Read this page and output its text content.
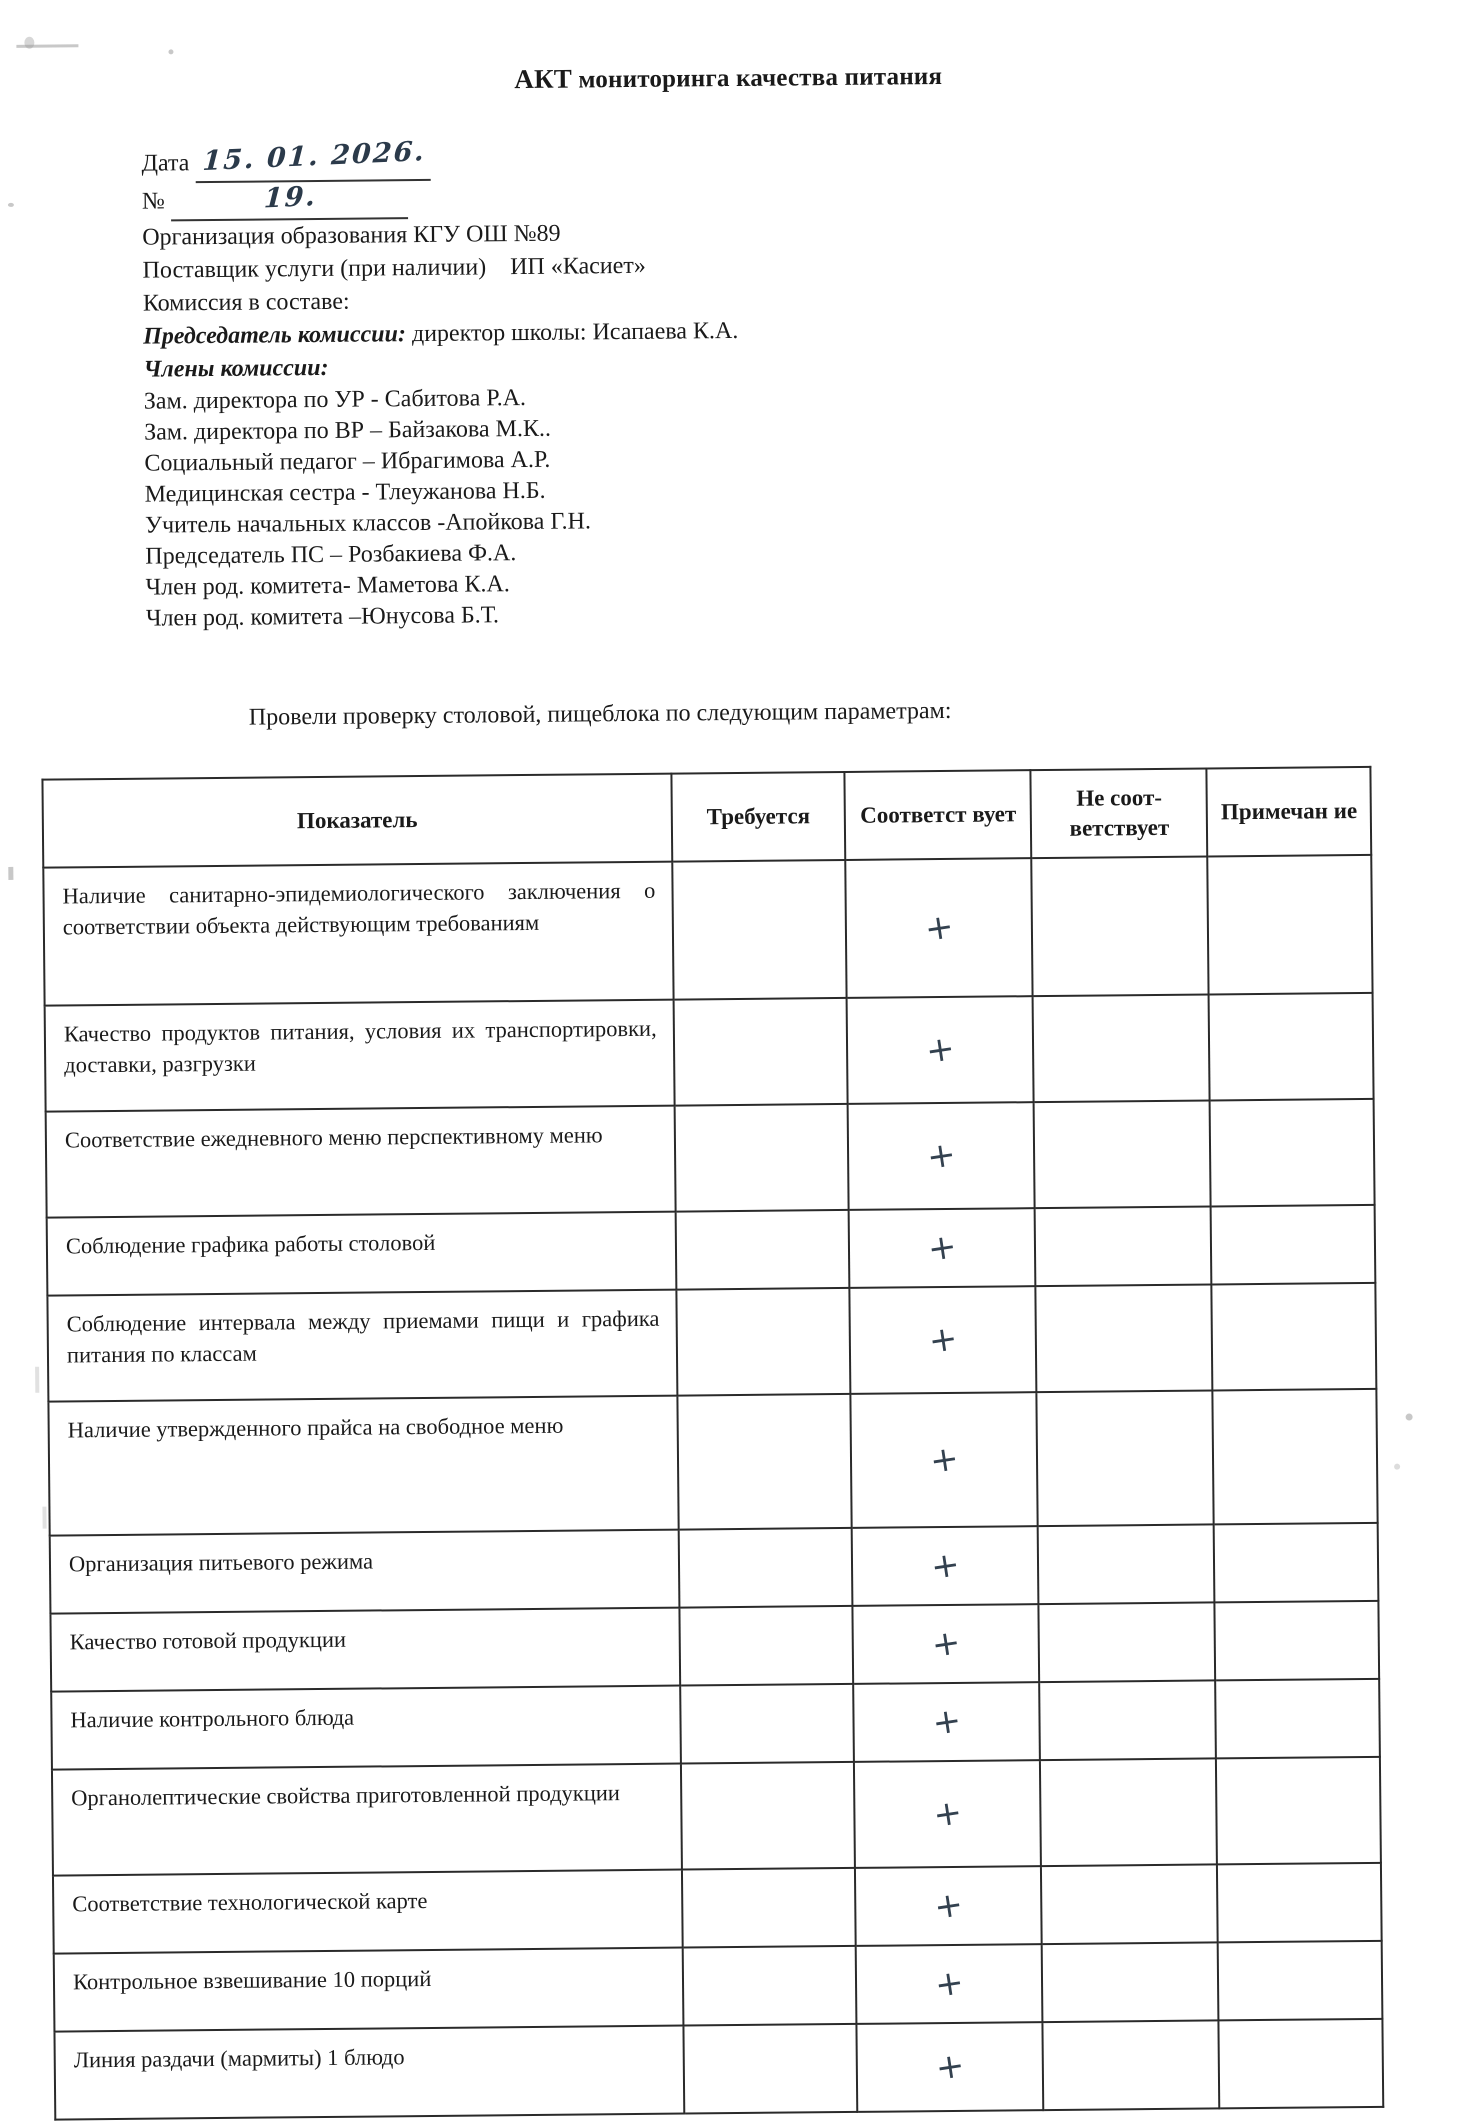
АКТ мониторинга качества питания
Дата 15. 01. 2026.
№	19.
Организация образования КГУ ОШ №89
Поставщик услуги (при наличии) ИП «Касиет»
Комиссия в составе:
Председатель комиссии: директор школы: Исапаева К.А.
Члены комиссии:
Зам. директора по УР - Сабитова Р.А.
Зам. директора по ВР – Байзакова М.К..
Социальный педагог – Ибрагимова А.Р.
Медицинская сестра - Тлеужанова Н.Б.
Учитель начальных классов -Апойкова Г.Н.
Председатель ПС – Розбакиева Ф.А.
Член род. комитета- Маметова К.А.
Член род. комитета –Юнусова Б.Т.
Провели проверку столовой, пищеблока по следующим параметрам:
Показатель	Требуется	Соответст вует	Не соот- ветствует	Примечан ие
Наличие санитарно-эпидемиологического заключения о соответствии объекта действующим требованиям		+		
Качество продуктов питания, условия их транспортировки, доставки, разгрузки		+		
Соответствие ежедневного меню перспективному меню		+		
Соблюдение графика работы столовой		+		
Соблюдение интервала между приемами пищи и графика питания по классам		+		
Наличие утвержденного прайса на свободное меню		+		
Организация питьевого режима		+		
Качество готовой продукции		+		
Наличие контрольного блюда		+		
Органолептические свойства приготовленной продукции		+		
Соответствие технологической карте		+		
Контрольное взвешивание 10 порций		+		
Линия раздачи (мармиты) 1 блюдо		+		
